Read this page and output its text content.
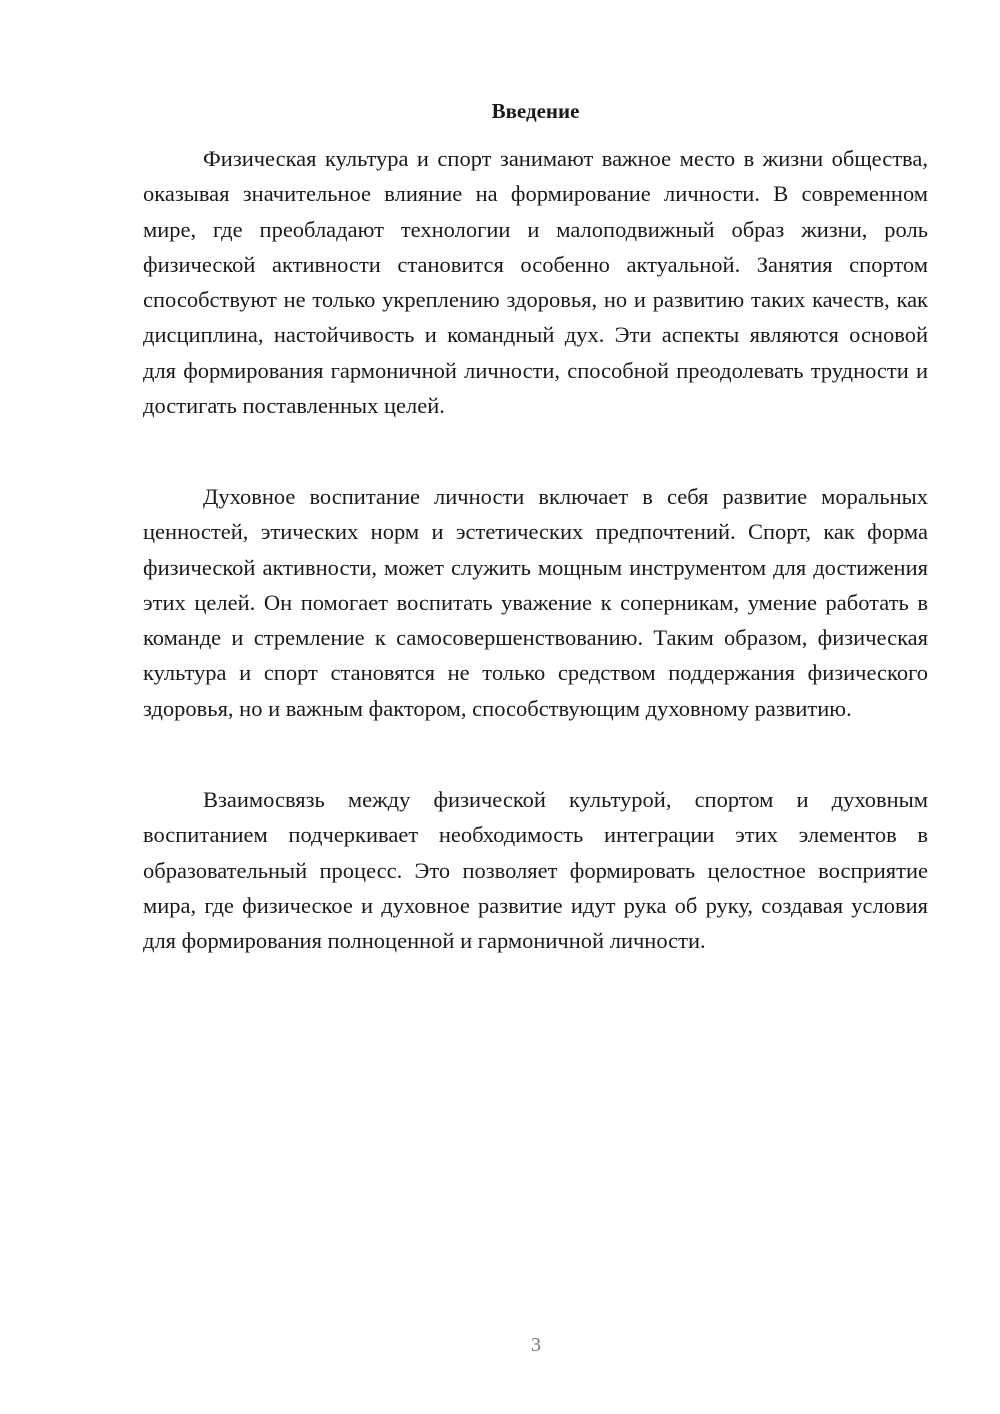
Введение

Физическая культура и спорт занимают важное место в жизни общества, оказывая значительное влияние на формирование личности. В современном мире, где преобладают технологии и малоподвижный образ жизни, роль физической активности становится особенно актуальной. Занятия спортом способствуют не только укреплению здоровья, но и развитию таких качеств, как дисциплина, настойчивость и командный дух. Эти аспекты являются основой для формирования гармоничной личности, способной преодолевать трудности и достигать поставленных целей.

Духовное воспитание личности включает в себя развитие моральных ценностей, этических норм и эстетических предпочтений. Спорт, как форма физической активности, может служить мощным инструментом для достижения этих целей. Он помогает воспитать уважение к соперникам, умение работать в команде и стремление к самосовершенствованию. Таким образом, физическая культура и спорт становятся не только средством поддержания физического здоровья, но и важным фактором, способствующим духовному развитию.

Взаимосвязь между физической культурой, спортом и духовным воспитанием подчеркивает необходимость интеграции этих элементов в образовательный процесс. Это позволяет формировать целостное восприятие мира, где физическое и духовное развитие идут рука об руку, создавая условия для формирования полноценной и гармоничной личности.

3
